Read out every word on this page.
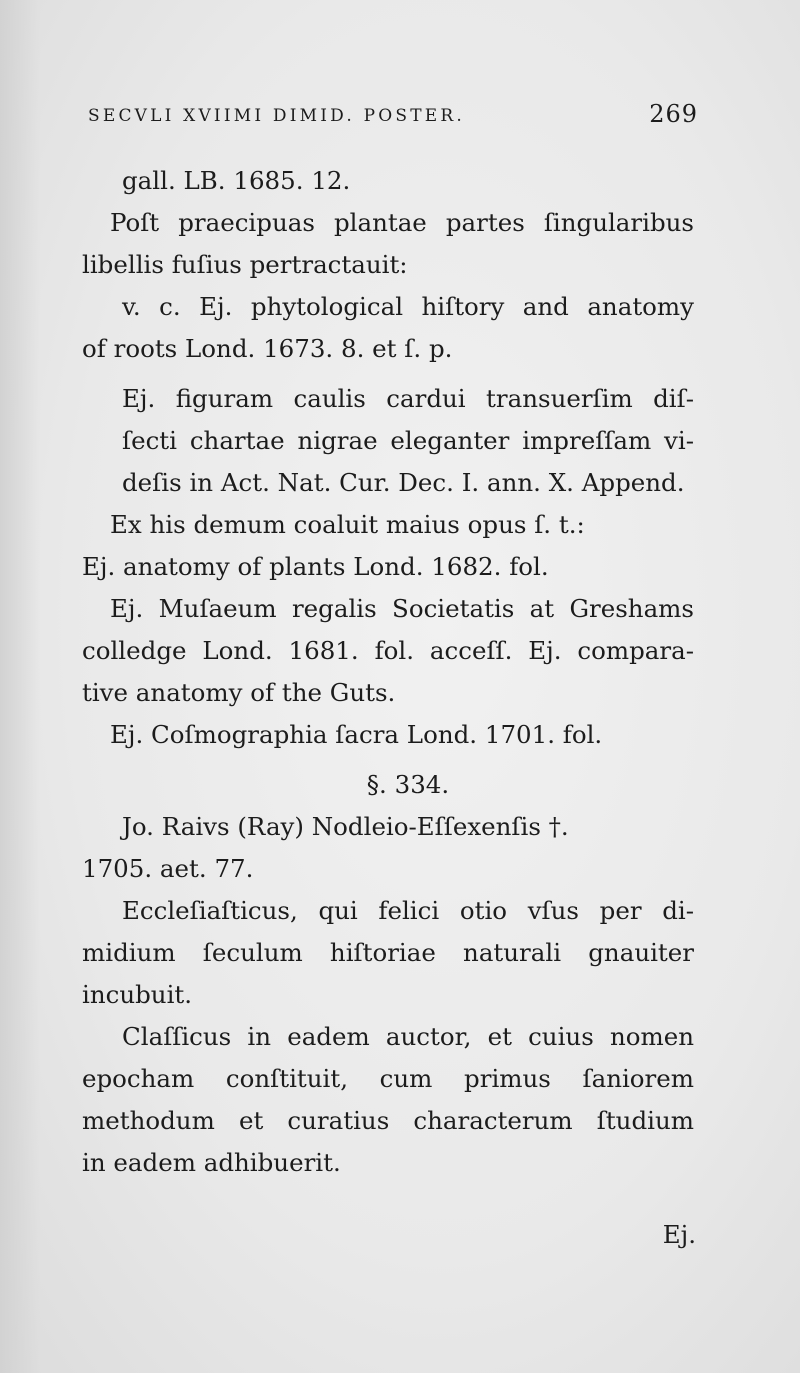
SECVLI XVIIMI DIMID. POSTER.	269
gall. LB. 1685. 12.
Poſt praecipuas plantae partes ſingularibus
libellis fuſius pertractauit:
v. c. Ej. phytological hiſtory and anatomy
of roots Lond. 1673. 8. et ſ. p.
Ej. figuram caulis cardui transuerſim diſ-
ſecti chartae nigrae eleganter impreſſam vi-
deſis in Act. Nat. Cur. Dec. I. ann. X. Append.
Ex his demum coaluit maius opus ſ. t.:
Ej. anatomy of plants Lond. 1682. fol.
Ej. Muſaeum regalis Societatis at Greshams
colledge Lond. 1681. fol. acceſſ. Ej. compara-
tive anatomy of the Guts.
Ej. Coſmographia ſacra Lond. 1701. fol.
§. 334.
Jo. Raivs (Ray) Nodleio-Eſſexenſis †.
1705. aet. 77.
Eccleſiaſticus, qui felici otio vſus per di-
midium ſeculum hiſtoriae naturali gnauiter
incubuit.
Claſſicus in eadem auctor, et cuius nomen
epocham conſtituit, cum primus ſaniorem
methodum et curatius characterum ſtudium
in eadem adhibuerit.
Ej.
